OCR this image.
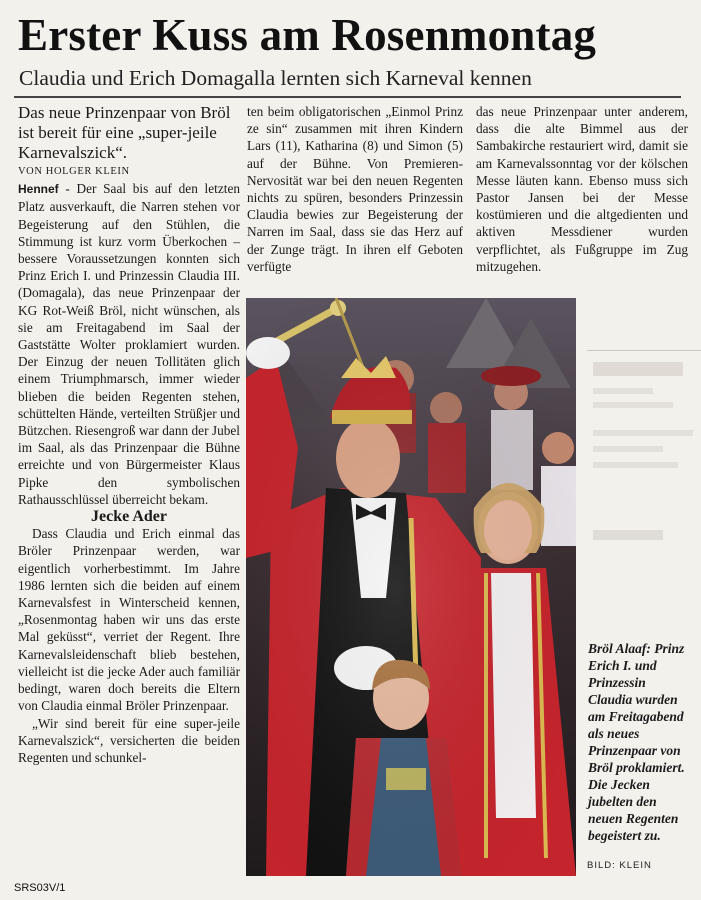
Erster Kuss am Rosenmontag
Claudia und Erich Domagalla lernten sich Karneval kennen

Das neue Prinzenpaar von Bröl ist bereit für eine „super-jeile Karnevalszick“.

VON HOLGER KLEIN

Hennef - Der Saal bis auf den letzten Platz ausverkauft, die Narren stehen vor Begeisterung auf den Stühlen, die Stimmung ist kurz vorm Überkochen – bessere Voraussetzungen konnten sich Prinz Erich I. und Prinzessin Claudia III. (Domagala), das neue Prinzenpaar der KG Rot-Weiß Bröl, nicht wünschen, als sie am Freitagabend im Saal der Gaststätte Wolter proklamiert wurden. Der Einzug der neuen Tollitäten glich einem Triumphmarsch, immer wieder blieben die beiden Regenten stehen, schüttelten Hände, verteilten Strüßjer und Bützchen. Riesengroß war dann der Jubel im Saal, als das Prinzenpaar die Bühne erreichte und von Bürgermeister Klaus Pipke den symbolischen Rathausschlüssel überreicht bekam.

Jecke Ader

Dass Claudia und Erich einmal das Bröler Prinzenpaar werden, war eigentlich vorherbestimmt. Im Jahre 1986 lernten sich die beiden auf einem Karnevalsfest in Winterscheid kennen, „Rosenmontag haben wir uns das erste Mal geküsst“, verriet der Regent. Ihre Karnevalsleidenschaft blieb bestehen, vielleicht ist die jecke Ader auch familiär bedingt, waren doch bereits die Eltern von Claudia einmal Bröler Prinzenpaar.

„Wir sind bereit für eine super-jeile Karnevalszick“, versicherten die beiden Regenten und schunkel-

ten beim obligatorischen „Einmol Prinz ze sin“ zusammen mit ihren Kindern Lars (11), Katharina (8) und Simon (5) auf der Bühne. Von Premieren-Nervosität war bei den neuen Regenten nichts zu spüren, besonders Prinzessin Claudia bewies zur Begeisterung der Narren im Saal, dass sie das Herz auf der Zunge trägt. In ihren elf Geboten verfügte

das neue Prinzenpaar unter anderem, dass die alte Bimmel aus der Sambakirche restauriert wird, damit sie am Karnevalssonntag vor der kölschen Messe läuten kann. Ebenso muss sich Pastor Jansen bei der Messe kostümieren und die altgedienten und aktiven Messdiener wurden verpflichtet, als Fußgruppe im Zug mitzugehen.

Bröl Alaaf: Prinz Erich I. und Prinzessin Claudia wurden am Freitagabend als neues Prinzenpaar von Bröl proklamiert. Die Jecken jubelten den neuen Regenten begeistert zu.
BILD: KLEIN
SRS03V/1
